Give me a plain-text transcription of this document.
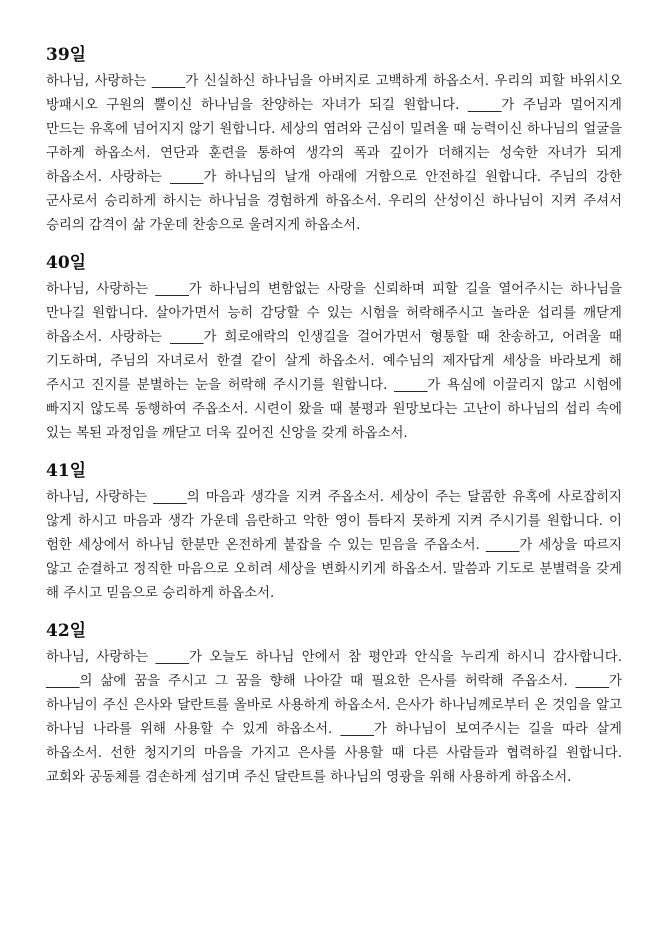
39일

하나님, 사랑하는 _____가 신실하신 하나님을 아버지로 고백하게 하옵소서. 우리의 피할 바위시오 방패시오 구원의 뿔이신 하나님을 찬양하는 자녀가 되길 원합니다. _____가 주님과 멀어지게 만드는 유혹에 넘어지지 않기 원합니다. 세상의 염려와 근심이 밀려올 때 능력이신 하나님의 얼굴을 구하게 하옵소서. 연단과 훈련을 통하여 생각의 폭과 깊이가 더해지는 성숙한 자녀가 되게 하옵소서. 사랑하는 _____가 하나님의 날개 아래에 거함으로 안전하길 원합니다. 주님의 강한 군사로서 승리하게 하시는 하나님을 경험하게 하옵소서. 우리의 산성이신 하나님이 지켜 주셔서 승리의 감격이 삶 가운데 찬송으로 울려지게 하옵소서.

40일

하나님, 사랑하는 _____가 하나님의 변함없는 사랑을 신뢰하며 피할 길을 열어주시는 하나님을 만나길 원합니다. 살아가면서 능히 감당할 수 있는 시험을 허락해주시고 놀라운 섭리를 깨닫게 하옵소서. 사랑하는 _____가 희로애락의 인생길을 걸어가면서 형통할 때 찬송하고, 어려울 때 기도하며, 주님의 자녀로서 한결 같이 살게 하옵소서. 예수님의 제자답게 세상을 바라보게 해 주시고 진지를 분별하는 눈을 허락해 주시기를 원합니다. _____가 욕심에 이끌리지 않고 시험에 빠지지 않도록 동행하여 주옵소서. 시련이 왔을 때 불평과 원망보다는 고난이 하나님의 섭리 속에 있는 복된 과정임을 깨닫고 더욱 깊어진 신앙을 갖게 하옵소서.

41일

하나님, 사랑하는 _____의 마음과 생각을 지켜 주옵소서. 세상이 주는 달콤한 유혹에 사로잡히지 않게 하시고 마음과 생각 가운데 음란하고 악한 영이 틈타지 못하게 지켜 주시기를 원합니다. 이 험한 세상에서 하나님 한분만 온전하게 붙잡을 수 있는 믿음을 주옵소서. _____가 세상을 따르지 않고 순결하고 정직한 마음으로 오히려 세상을 변화시키게 하옵소서. 말씀과 기도로 분별력을 갖게 해 주시고 믿음으로 승리하게 하옵소서.

42일

하나님, 사랑하는 _____가 오늘도 하나님 안에서 참 평안과 안식을 누리게 하시니 감사합니다. _____의 삶에 꿈을 주시고 그 꿈을 향해 나아갈 때 필요한 은사를 허락해 주옵소서. _____가 하나님이 주신 은사와 달란트를 올바로 사용하게 하옵소서. 은사가 하나님께로부터 온 것임을 알고 하나님 나라를 위해 사용할 수 있게 하옵소서. _____가 하나님이 보여주시는 길을 따라 살게 하옵소서. 선한 청지기의 마음을 가지고 은사를 사용할 때 다른 사람들과 협력하길 원합니다. 교회와 공동체를 겸손하게 섬기며 주신 달란트를 하나님의 영광을 위해 사용하게 하옵소서.
